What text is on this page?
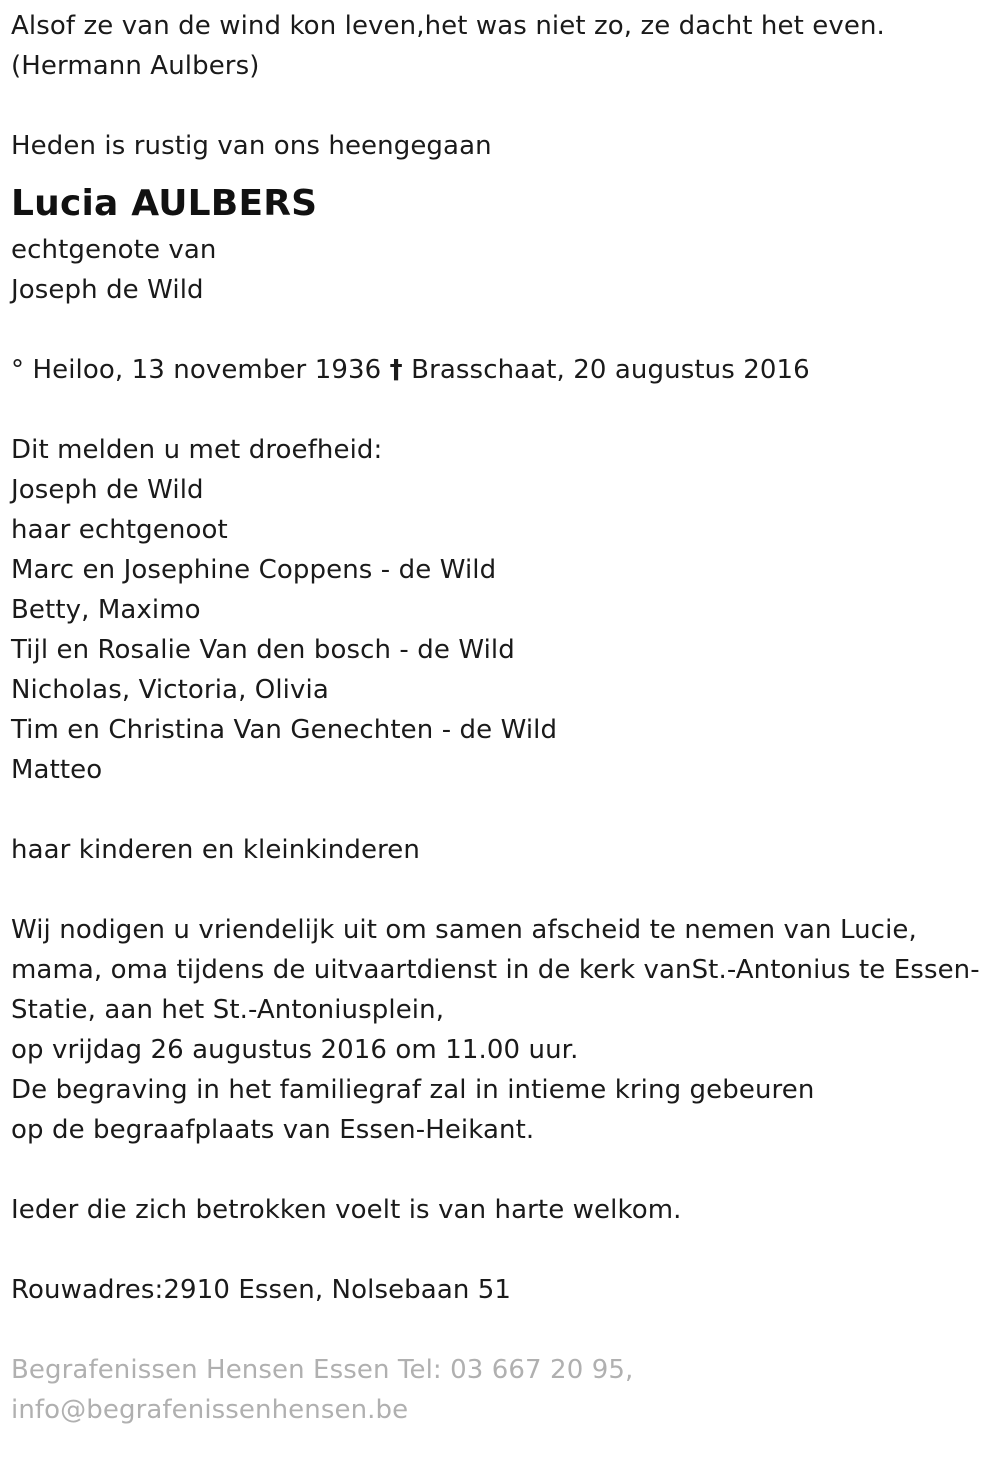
Alsof ze van de wind kon leven,het was niet zo, ze dacht het even.
(Hermann Aulbers)
Heden is rustig van ons heengegaan
Lucia AULBERS
echtgenote van
Joseph de Wild
° Heiloo, 13 november 1936 † Brasschaat, 20 augustus 2016
Dit melden u met droefheid:
Joseph de Wild
haar echtgenoot
Marc en Josephine Coppens - de Wild
Betty, Maximo
Tijl en Rosalie Van den bosch - de Wild
Nicholas, Victoria, Olivia
Tim en Christina Van Genechten - de Wild
Matteo
haar kinderen en kleinkinderen
Wij nodigen u vriendelijk uit om samen afscheid te nemen van Lucie,
mama, oma tijdens de uitvaartdienst in de kerk vanSt.-Antonius te Essen-
Statie, aan het St.-Antoniusplein,
op vrijdag 26 augustus 2016 om 11.00 uur.
De begraving in het familiegraf zal in intieme kring gebeuren
op de begraafplaats van Essen-Heikant.
Ieder die zich betrokken voelt is van harte welkom.
Rouwadres:2910 Essen, Nolsebaan 51
Begrafenissen Hensen Essen Tel: 03 667 20 95,
info@begrafenissenhensen.be
